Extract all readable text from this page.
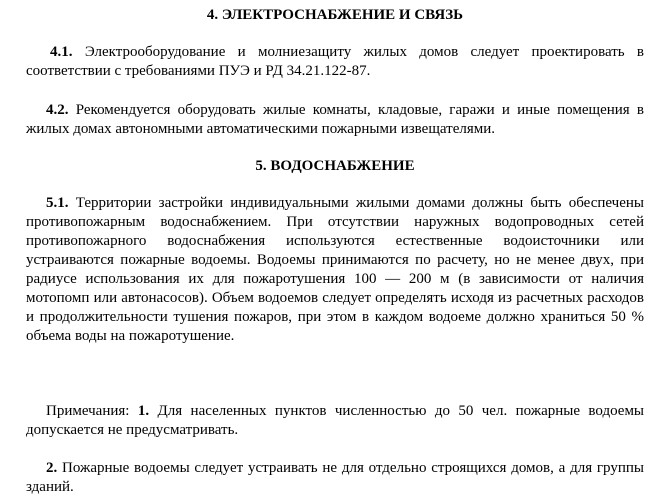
4. ЭЛЕКТРОСНАБЖЕНИЕ И СВЯЗЬ

4.1. Электрооборудование и молниезащиту жилых домов следует проектировать в соответствии с требованиями ПУЭ и РД 34.21.122-87.

4.2. Рекомендуется оборудовать жилые комнаты, кладовые, гаражи и иные помещения в жилых домах автономными автоматическими пожарными извещателями.

5. ВОДОСНАБЖЕНИЕ

5.1. Территории застройки индивидуальными жилыми домами должны быть обеспечены противопожарным водоснабжением. При отсутствии наружных водопроводных сетей противопожарного водоснабжения используются естественные водоисточники или устраиваются пожарные водоемы. Водоемы принимаются по расчету, но не менее двух, при радиусе использования их для пожаротушения 100 — 200 м (в зависимости от наличия мотопомп или автонасосов). Объем водоемов следует определять исходя из расчетных расходов и продолжительности тушения пожаров, при этом в каждом водоеме должно храниться 50 % объема воды на пожаротушение.

Примечания: 1. Для населенных пунктов численностью до 50 чел. пожарные водоемы допускается не предусматривать.

2. Пожарные водоемы следует устраивать не для отдельно строящихся домов, а для группы зданий.
